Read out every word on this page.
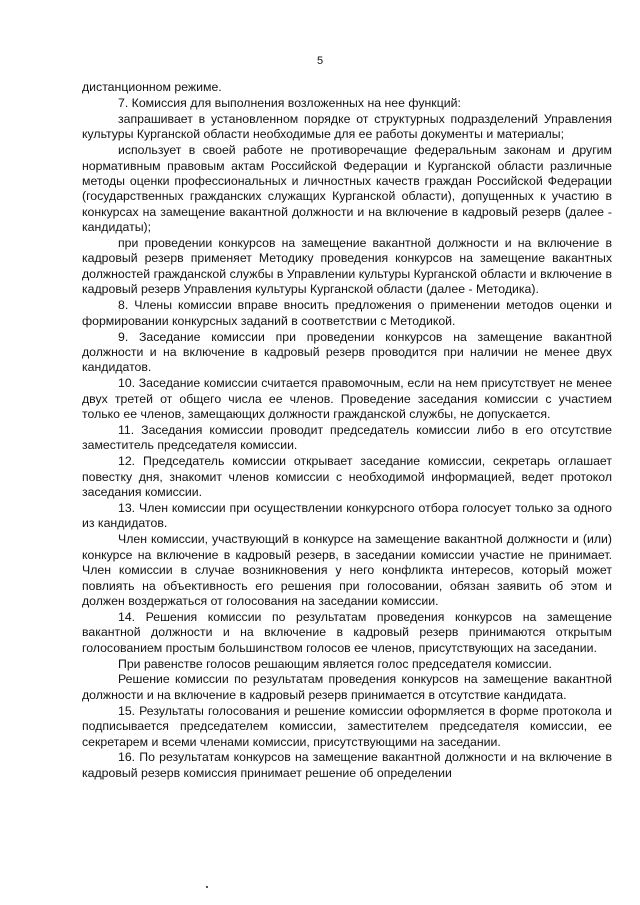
5

дистанционном режиме.

7. Комиссия для выполнения возложенных на нее функций:

запрашивает в установленном порядке от структурных подразделений Управления культуры Курганской области необходимые для ее работы документы и материалы;

использует в своей работе не противоречащие федеральным законам и другим нормативным правовым актам Российской Федерации и Курганской области различные методы оценки профессиональных и личностных качеств граждан Российской Федерации (государственных гражданских служащих Курганской области), допущенных к участию в конкурсах на замещение вакантной должности и на включение в кадровый резерв (далее - кандидаты);

при проведении конкурсов на замещение вакантной должности и на включение в кадровый резерв применяет Методику проведения конкурсов на замещение вакантных должностей гражданской службы в Управлении культуры Курганской области и включение в кадровый резерв Управления культуры Курганской области (далее - Методика).

8. Члены комиссии вправе вносить предложения о применении методов оценки и формировании конкурсных заданий в соответствии с Методикой.

9. Заседание комиссии при проведении конкурсов на замещение вакантной должности и на включение в кадровый резерв проводится при наличии не менее двух кандидатов.

10. Заседание комиссии считается правомочным, если на нем присутствует не менее двух третей от общего числа ее членов. Проведение заседания комиссии с участием только ее членов, замещающих должности гражданской службы, не допускается.

11. Заседания комиссии проводит председатель комиссии либо в его отсутствие заместитель председателя комиссии.

12. Председатель комиссии открывает заседание комиссии, секретарь оглашает повестку дня, знакомит членов комиссии с необходимой информацией, ведет протокол заседания комиссии.

13. Член комиссии при осуществлении конкурсного отбора голосует только за одного из кандидатов.

Член комиссии, участвующий в конкурсе на замещение вакантной должности и (или) конкурсе на включение в кадровый резерв, в заседании комиссии участие не принимает. Член комиссии в случае возникновения у него конфликта интересов, который может повлиять на объективность его решения при голосовании, обязан заявить об этом и должен воздержаться от голосования на заседании комиссии.

14. Решения комиссии по результатам проведения конкурсов на замещение вакантной должности и на включение в кадровый резерв принимаются открытым голосованием простым большинством голосов ее членов, присутствующих на заседании.

При равенстве голосов решающим является голос председателя комиссии.

Решение комиссии по результатам проведения конкурсов на замещение вакантной должности и на включение в кадровый резерв принимается в отсутствие кандидата.

15. Результаты голосования и решение комиссии оформляется в форме протокола и подписывается председателем комиссии, заместителем председателя комиссии, ее секретарем и всеми членами комиссии, присутствующими на заседании.

16. По результатам конкурсов на замещение вакантной должности и на включение в кадровый резерв комиссия принимает решение об определении
